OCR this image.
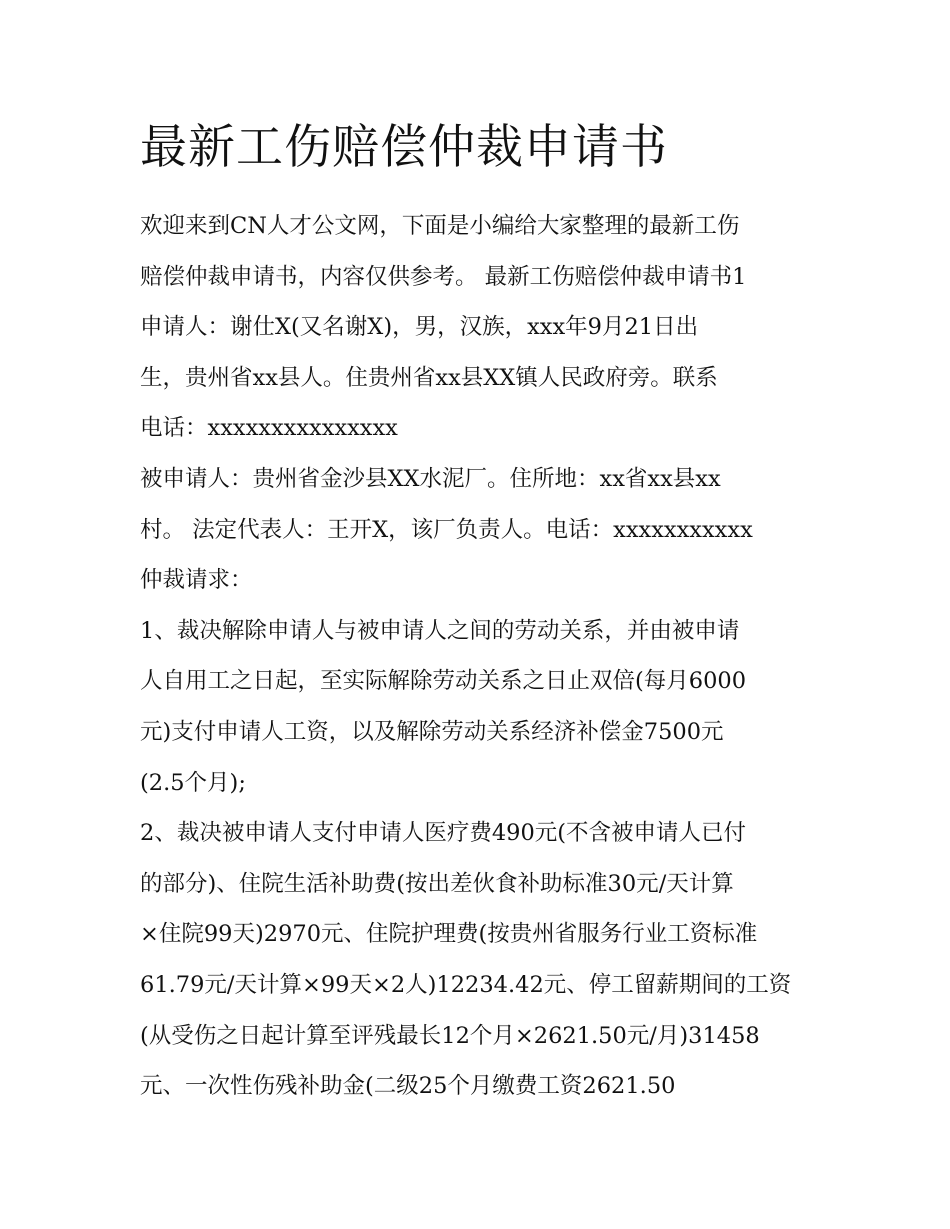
最新工伤赔偿仲裁申请书
欢迎来到CN人才公文网，下面是小编给大家整理的最新工伤
赔偿仲裁申请书，内容仅供参考。 最新工伤赔偿仲裁申请书1
申请人：谢仕X(又名谢X)，男，汉族，xxx年9月21日出
生，贵州省xx县人。住贵州省xx县XX镇人民政府旁。联系
电话：xxxxxxxxxxxxxxx
被申请人：贵州省金沙县XX水泥厂。住所地：xx省xx县xx
村。 法定代表人：王开X，该厂负责人。电话：xxxxxxxxxxx
仲裁请求：
1、裁决解除申请人与被申请人之间的劳动关系，并由被申请
人自用工之日起，至实际解除劳动关系之日止双倍(每月6000
元)支付申请人工资，以及解除劳动关系经济补偿金7500元
(2.5个月);
2、裁决被申请人支付申请人医疗费490元(不含被申请人已付
的部分)、住院生活补助费(按出差伙食补助标准30元/天计算
×住院99天)2970元、住院护理费(按贵州省服务行业工资标准
61.79元/天计算×99天×2人)12234.42元、停工留薪期间的工资
(从受伤之日起计算至评残最长12个月×2621.50元/月)31458
元、一次性伤残补助金(二级25个月缴费工资2621.50
